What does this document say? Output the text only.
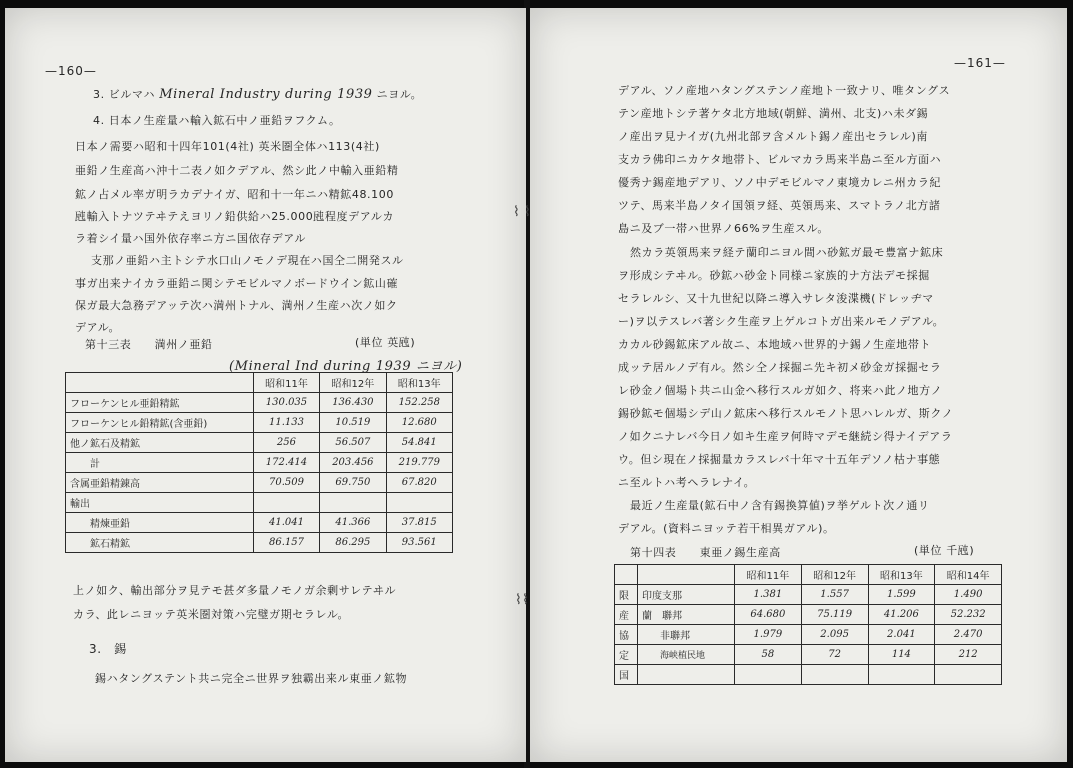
—160—
3. ビルマハ Mineral Industry during 1939 ニヨル。
4. 日本ノ生産量ハ輸入鉱石中ノ亜鉛ヲフクム。
日本ノ需要ハ昭和十四年101(4社) 英米圏全体ハ113(4社)
亜鉛ノ生産高ハ沖十二表ノ如クデアル、然シ此ノ中輸入亜鉛精
鉱ノ占メル率ガ明ラカデナイガ、昭和十一年ニハ精鉱48.100
瓲輸入トナツテヰテえヨリノ鉛供給ハ25.000瓲程度デアルカ
ラ着シイ量ハ国外依存率ニ方ニ国依存デアル
支那ノ亜鉛ハ主トシテ水口山ノモノデ現在ハ国仝二開発スル
事ガ出来ナイカラ亜鉛ニ関シテモビルマノボードウイン鉱山確
保ガ最大急務デアッテ次ハ満州トナル、満州ノ生産ハ次ノ如ク
デアル。
第十三表　　満州ノ亜鉛	(単位 英瓲)
(Mineral Ind during 1939 ニヨル)
	昭和11年	昭和12年	昭和13年
フローケンヒル亜鉛精鉱	130.035	136.430	152.258
フローケンヒル鉛精鉱(含亜鉛)	11.133	10.519	12.680
他ノ鉱石及精鉱	256	56.507	54.841
計	172.414	203.456	219.779
含属亜鉛精錬高	70.509	69.750	67.820
輸出			
精煉亜鉛	41.041	41.366	37.815
鉱石精鉱	86.157	86.295	93.561
上ノ如ク、輸出部分ヲ見テモ甚ダ多量ノモノガ余剰サレテヰル
カラ、此レニヨッテ英米圏対策ハ完璧ガ期セラレル。
3.　錫
錫ハタングステント共ニ完全ニ世界ヲ独霸出来ル東亜ノ鉱物
⌇
⌇
—161—
デアル、ソノ産地ハタングステンノ産地ト一致ナリ、唯タングス
テン産地トシテ著ケタ北方地域(朝鮮、満州、北支)ハ未ダ錫
ノ産出ヲ見ナイガ(九州北部ヲ含メルト錫ノ産出セラレル)南
支カラ佛印ニカケタ地帯ト、ビルマカラ馬来半島ニ至ル方面ハ
優秀ナ錫産地デアリ、ソノ中デモビルマノ東境カレニ州カラ紀
ツテ、馬来半島ノタイ国領ヲ経、英領馬来、スマトラノ北方諸
島ニ及ブ一帯ハ世界ノ66%ヲ生産スル。
然カラ英領馬来ヲ経テ蘭印ニヨル間ハ砂鉱ガ最モ豊富ナ鉱床
ヲ形成シテヰル。砂鉱ハ砂金ト同様ニ家族的ナ方法デモ採掘
セラレルシ、又十九世紀以降ニ導入サレタ浚渫機(ドレッヂマ
ー)ヲ以テスレバ著シク生産ヲ上ゲルコトガ出来ルモノデアル。
カカル砂錫鉱床アル故ニ、本地域ハ世界的ナ錫ノ生産地帯ト
成ッテ居ルノデ有ル。然シ仝ノ採掘ニ先キ初メ砂金ガ採掘セラ
レ砂金ノ個場ト共ニ山金ヘ移行スルガ如ク、将来ハ此ノ地方ノ
錫砂鉱モ個場シデ山ノ鉱床ヘ移行スルモノト思ハレルガ、斯クノ
ノ如クニナレバ今日ノ如キ生産ヲ何時マデモ継続シ得ナイデアラ
ウ。但シ現在ノ採掘量カラスレバ十年マ十五年デソノ枯ナ事態
ニ至ルトハ考ヘラレナイ。
最近ノ生産量(鉱石中ノ含有錫換算値)ヲ挙ゲルト次ノ通リ
デアル。(資料ニヨッテ若干相異ガアル)。
第十四表　　東亜ノ錫生産高	(単位 千瓲)
		昭和11年	昭和12年	昭和13年	昭和14年
限	印度支那	1.381	1.557	1.599	1.490
産	蘭　 聯邦	64.680	75.119	41.206	52.232
協	非聯邦	1.979	2.095	2.041	2.470
定	海峡植民地	58	72	114	212
国					
⌇
⌇
